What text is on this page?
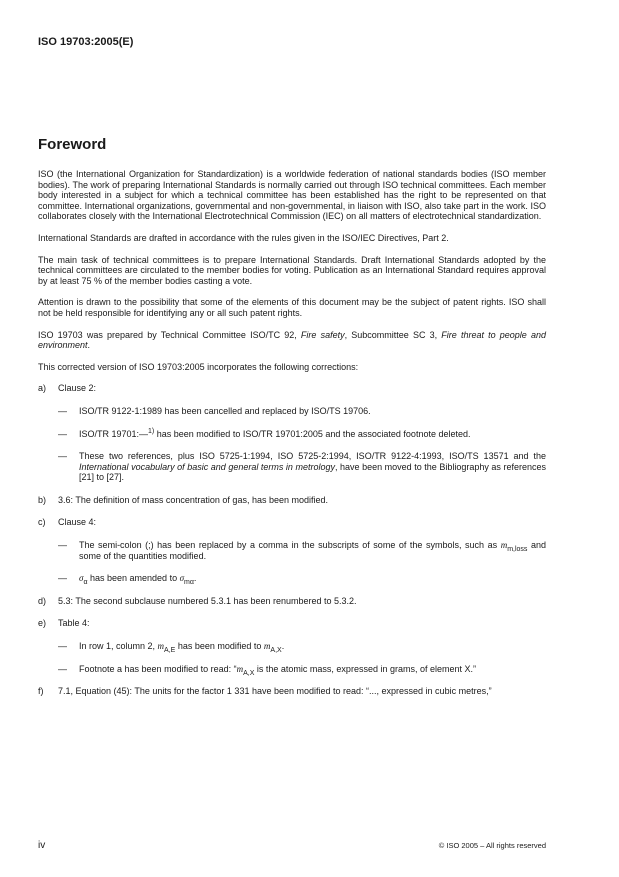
ISO 19703:2005(E)
Foreword

ISO (the International Organization for Standardization) is a worldwide federation of national standards bodies (ISO member bodies). The work of preparing International Standards is normally carried out through ISO technical committees. Each member body interested in a subject for which a technical committee has been established has the right to be represented on that committee. International organizations, governmental and non-governmental, in liaison with ISO, also take part in the work. ISO collaborates closely with the International Electrotechnical Commission (IEC) on all matters of electrotechnical standardization.

International Standards are drafted in accordance with the rules given in the ISO/IEC Directives, Part 2.

The main task of technical committees is to prepare International Standards. Draft International Standards adopted by the technical committees are circulated to the member bodies for voting. Publication as an International Standard requires approval by at least 75 % of the member bodies casting a vote.

Attention is drawn to the possibility that some of the elements of this document may be the subject of patent rights. ISO shall not be held responsible for identifying any or all such patent rights.

ISO 19703 was prepared by Technical Committee ISO/TC 92, Fire safety, Subcommittee SC 3, Fire threat to people and environment.

This corrected version of ISO 19703:2005 incorporates the following corrections:

a)	Clause 2:
—	ISO/TR 9122-1:1989 has been cancelled and replaced by ISO/TS 19706.
—	ISO/TR 19701:—$^{1)}$ has been modified to ISO/TR 19701:2005 and the associated footnote deleted.
—	These two references, plus ISO 5725-1:1994, ISO 5725-2:1994, ISO/TR 9122-4:1993, ISO/TS 13571 and the International vocabulary of basic and general terms in metrology, have been moved to the Bibliography as references [21] to [27].
b)	3.6: The definition of mass concentration of gas, has been modified.
c)	Clause 4:
—	The semi-colon (;) has been replaced by a comma in the subscripts of some of the symbols, such as $m_{m,loss}$ and some of the quantities modified.
—	$\sigma_\alpha$ has been amended to $\sigma_{m\alpha}$.
d)	5.3: The second subclause numbered 5.3.1 has been renumbered to 5.3.2.
e)	Table 4:
—	In row 1, column 2, $m_{A,E}$ has been modified to $m_{A,X}$.
—	Footnote a has been modified to read: “$m_{A,X}$ is the atomic mass, expressed in grams, of element X.”
f)	7.1, Equation (45): The units for the factor 1 331 have been modified to read: “..., expressed in cubic metres,”
iv	© ISO 2005 – All rights reserved
